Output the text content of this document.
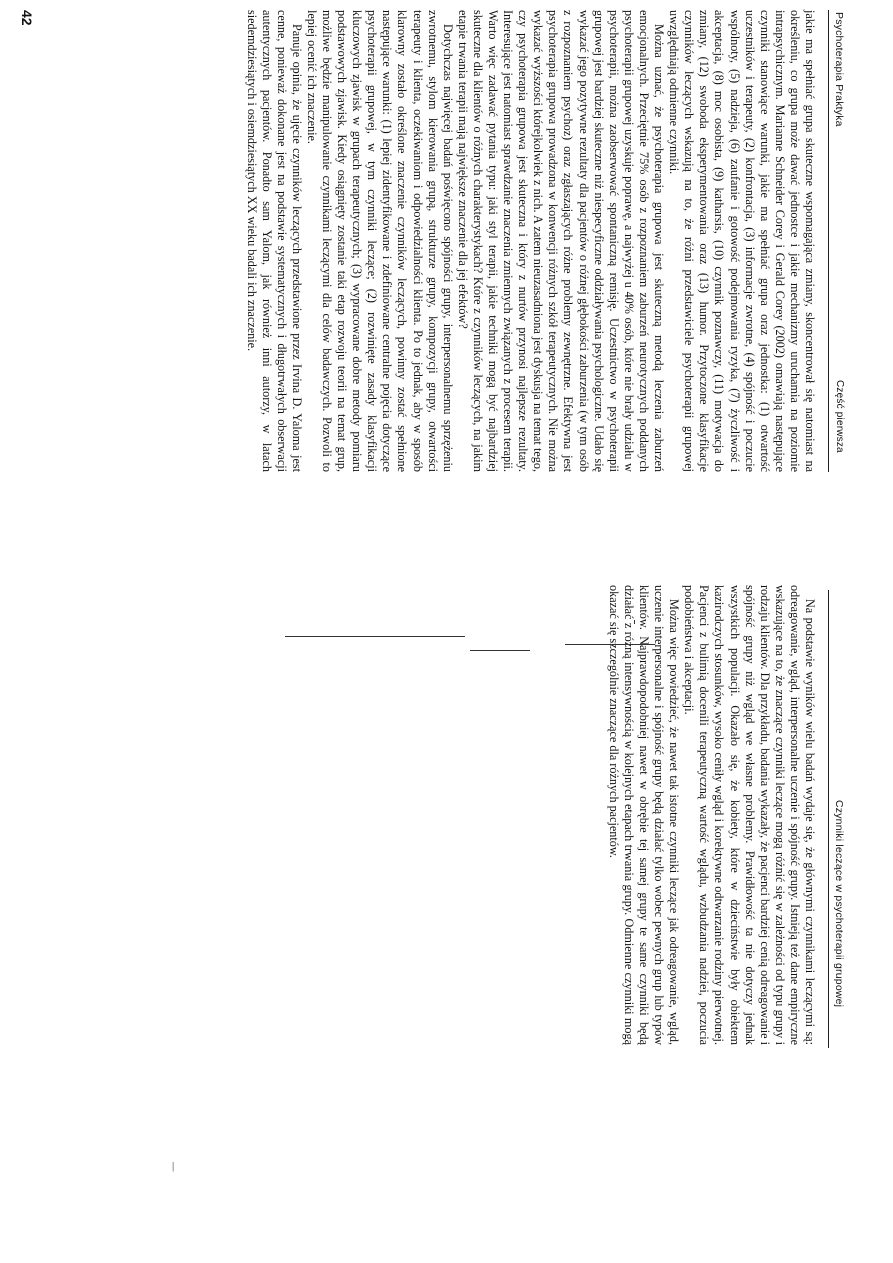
Czynniki leczące w psychoterapii grupowej

Na podstawie wyników wielu badań wydaje się, że głównymi czynnikami leczącymi są: odreagowanie, wgląd, interpersonalne uczenie i spójność grupy. Istnieją też dane empiryczne wskazujące na to, że znaczące czynniki leczące mogą różnić się w zależności od typu grupy i rodzaju klientów. Dla przykładu, badania wykazały, że pacjenci bardziej cenią odreagowanie i spójność grupy niż wgląd we własne problemy. Prawidłowość ta nie dotyczy jednak wszystkich populacji. Okazało się, że kobiety, które w dzieciństwie były obiektem kazirodczych stosunków, wysoko ceniły wgląd i korektywne odtwarzanie rodziny pierwotnej. Pacjenci z bulimią docenili terapeutyczną wartość wglądu, wzbudzania nadziei, poczucia podobieństwa i akceptacji.

Można więc powiedzieć, że nawet tak istotne czynniki leczące jak odreagowanie, wgląd, uczenie interpersonalne i spójność grupy będą działać tylko wobec pewnych grup lub typów klientów. Najprawdopodobniej nawet w obrębie tej samej grupy te same czynniki będą działać z różną intensywnością w kolejnych etapach trwania grupy. Odmienne czynniki mogą okazać się szczególnie znaczące dla różnych pacjentów.

Psychoterapia Praktyka
Część pierwsza

jakie ma spełniać grupa skuteczne wspomagająca zmiany, skoncentrował się natomiast na określeniu, co grupa może dawać jednostce i jakie mechanizmy uruchamia na poziomie intrapsychicznym. Marianne Schneider Corey i Gerald Corey (2002) omawiają następujące czynniki stanowiące warunki, jakie ma spełniać grupa oraz jednostka: (1) otwartość uczestników i terapeuty, (2) konfrontacja, (3) informacje zwrotne, (4) spójność i poczucie wspólnoty, (5) nadzieja, (6) zaufanie i gotowość podejmowania ryzyka, (7) życzliwość i akceptacja, (8) moc osobista, (9) katharsis, (10) czynnik poznawczy, (11) motywacja do zmiany, (12) swoboda eksperymentowania oraz (13) humor. Przytoczone klasyfikacje czynników leczących wskazują na to, że różni przedstawiciele psychoterapii grupowej uwzględniają odmienne czynniki.

Można uznać, że psychoterapia grupowa jest skuteczną metodą leczenia zaburzeń emocjonalnych. Przeciętnie 75% osób z rozpoznaniem zaburzeń neurotycznych poddanych psychoterapii grupowej uzyskuje poprawę, a najwyżej u 40% osób, które nie brały udziału w psychoterapii, można zaobserwować spontaniczną remisję. Uczestnictwo w psychoterapii grupowej jest bardziej skuteczne niż niespecyficzne oddziaływania psychologiczne. Udało się wykazać jego pozytywne rezultaty dla pacjentów o różnej głębokości zaburzenia (w tym osób z rozpoznaniem psychoz) oraz zgłaszających różne problemy zewnętrzne. Efektywna jest psychoterapia grupowa prowadzona w konwencji różnych szkół terapeutycznych. Nie można wykazać wyższości którejkolwiek z nich. A zatem nieuzasadniona jest dyskusja na temat tego, czy psychoterapia grupowa jest skuteczna i który z nurtów przynosi najlepsze rezultaty. Interesujące jest natomiast sprawdzanie znaczenia zmiennych związanych z procesem terapii. Warto więc zadawać pytania typu: jaki styl terapii, jakie techniki mogą być najbardziej skuteczne dla klientów o różnych charakterystykach? Które z czynników leczących, na jakim etapie trwania terapii mają największe znaczenie dla jej efektów?

Dotychczas najwięcej badań poświęcono spójności grupy, interpersonalnemu sprzężeniu zwrotnemu, stylom kierowania grupą, strukturze grupy, kompozycji grupy, otwartości terapeuty i klienta, oczekiwaniom i odpowiedzialności klienta. Po to jednak, aby w sposób klarowny zostało określone znaczenie czynników leczących, powinny zostać spełnione następujące warunki: (1) lepiej zidentyfikowane i zdefiniowane centralne pojęcia dotyczące psychoterapii grupowej, w tym czynniki leczące; (2) rozwinięte zasady klasyfikacji kluczowych zjawisk w grupach terapeutycznych; (3) wypracowane dobre metody pomiaru podstawowych zjawisk. Kiedy osiągnięty zostanie taki etap rozwoju teorii na temat grup, możliwe będzie manipulowanie czynnikami leczącymi dla celów badawczych. Pozwoli to lepiej ocenić ich znaczenie.

Panuje opinia, że ujęcie czynników leczących przedstawione przez Irvina D. Yaloma jest cenne, ponieważ dokonane jest na podstawie systematycznych i długotrwałych obserwacji autentycznych pacjentów. Ponadto sam Yalom, jak również inni autorzy, w latach siedemdziesiątych i osiemdziesiątych XX wieku badali ich znaczenie.

42
|
